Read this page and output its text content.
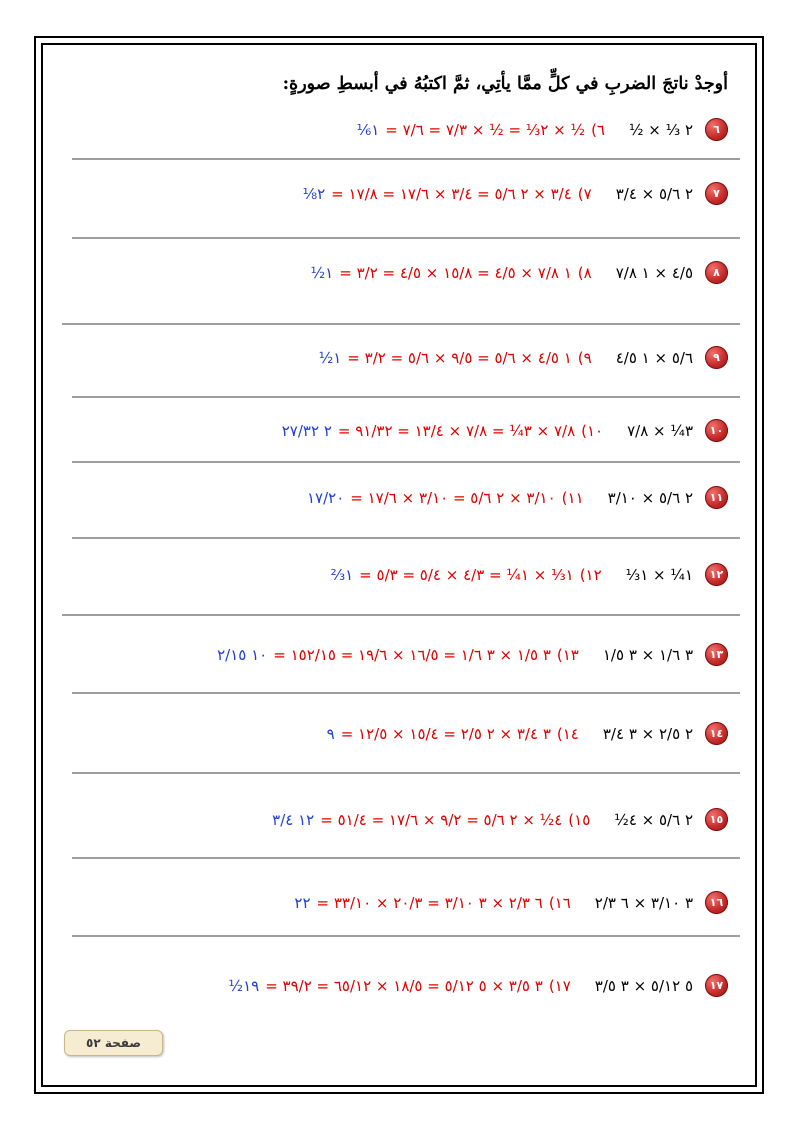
أوجدْ ناتجَ الضربِ في كلٍّ ممَّا يأتِي، ثمَّ اكتبُهُ في أبسطِ صورةٍ:
٦
٢ ⅓ × ½
٦)
½ × ٢⅓ = ½ × ٧/٣ = ٧/٦ =
١⅙
٧
٢ ٥/٦ × ٣/٤
٧)
٣/٤ × ٢ ٥/٦ = ٣/٤ × ١٧/٦ = ١٧/٨ =
٢⅛
٨
٤/٥ × ١ ٧/٨
٨)
١ ٧/٨ × ٤/٥ = ١٥/٨ × ٤/٥ = ٣/٢ =
١½
٩
٥/٦ × ١ ٤/٥
٩)
١ ٤/٥ × ٥/٦ = ٩/٥ × ٥/٦ = ٣/٢ =
١½
١٠
٣¼ × ٧/٨
١٠)
٧/٨ × ٣¼ = ٧/٨ × ١٣/٤ = ٩١/٣٢ =
٢ ٢٧/٣٢
١١
٢ ٥/٦ × ٣/١٠
١١)
٣/١٠ × ٢ ٥/٦ = ٣/١٠ × ١٧/٦ =
١٧/٢٠
١٢
١¼ × ١⅓
١٢)
١⅓ × ١¼ = ٤/٣ × ٥/٤ = ٥/٣ =
١⅔
١٣
٣ ١/٦ × ٣ ١/٥
١٣)
٣ ١/٥ × ٣ ١/٦ = ١٦/٥ × ١٩/٦ = ١٥٢/١٥ =
١٠ ٢/١٥
١٤
٢ ٢/٥ × ٣ ٣/٤
١٤)
٣ ٣/٤ × ٢ ٢/٥ = ١٥/٤ × ١٢/٥ =
٩
١٥
٢ ٥/٦ × ٤½
١٥)
٤½ × ٢ ٥/٦ = ٩/٢ × ١٧/٦ = ٥١/٤ =
١٢ ٣/٤
١٦
٣ ٣/١٠ × ٦ ٢/٣
١٦)
٦ ٢/٣ × ٣ ٣/١٠ = ٢٠/٣ × ٣٣/١٠ =
٢٢
١٧
٥ ٥/١٢ × ٣ ٣/٥
١٧)
٣ ٣/٥ × ٥ ٥/١٢ = ١٨/٥ × ٦٥/١٢ = ٣٩/٢ =
١٩½
صفحة ٥٢
